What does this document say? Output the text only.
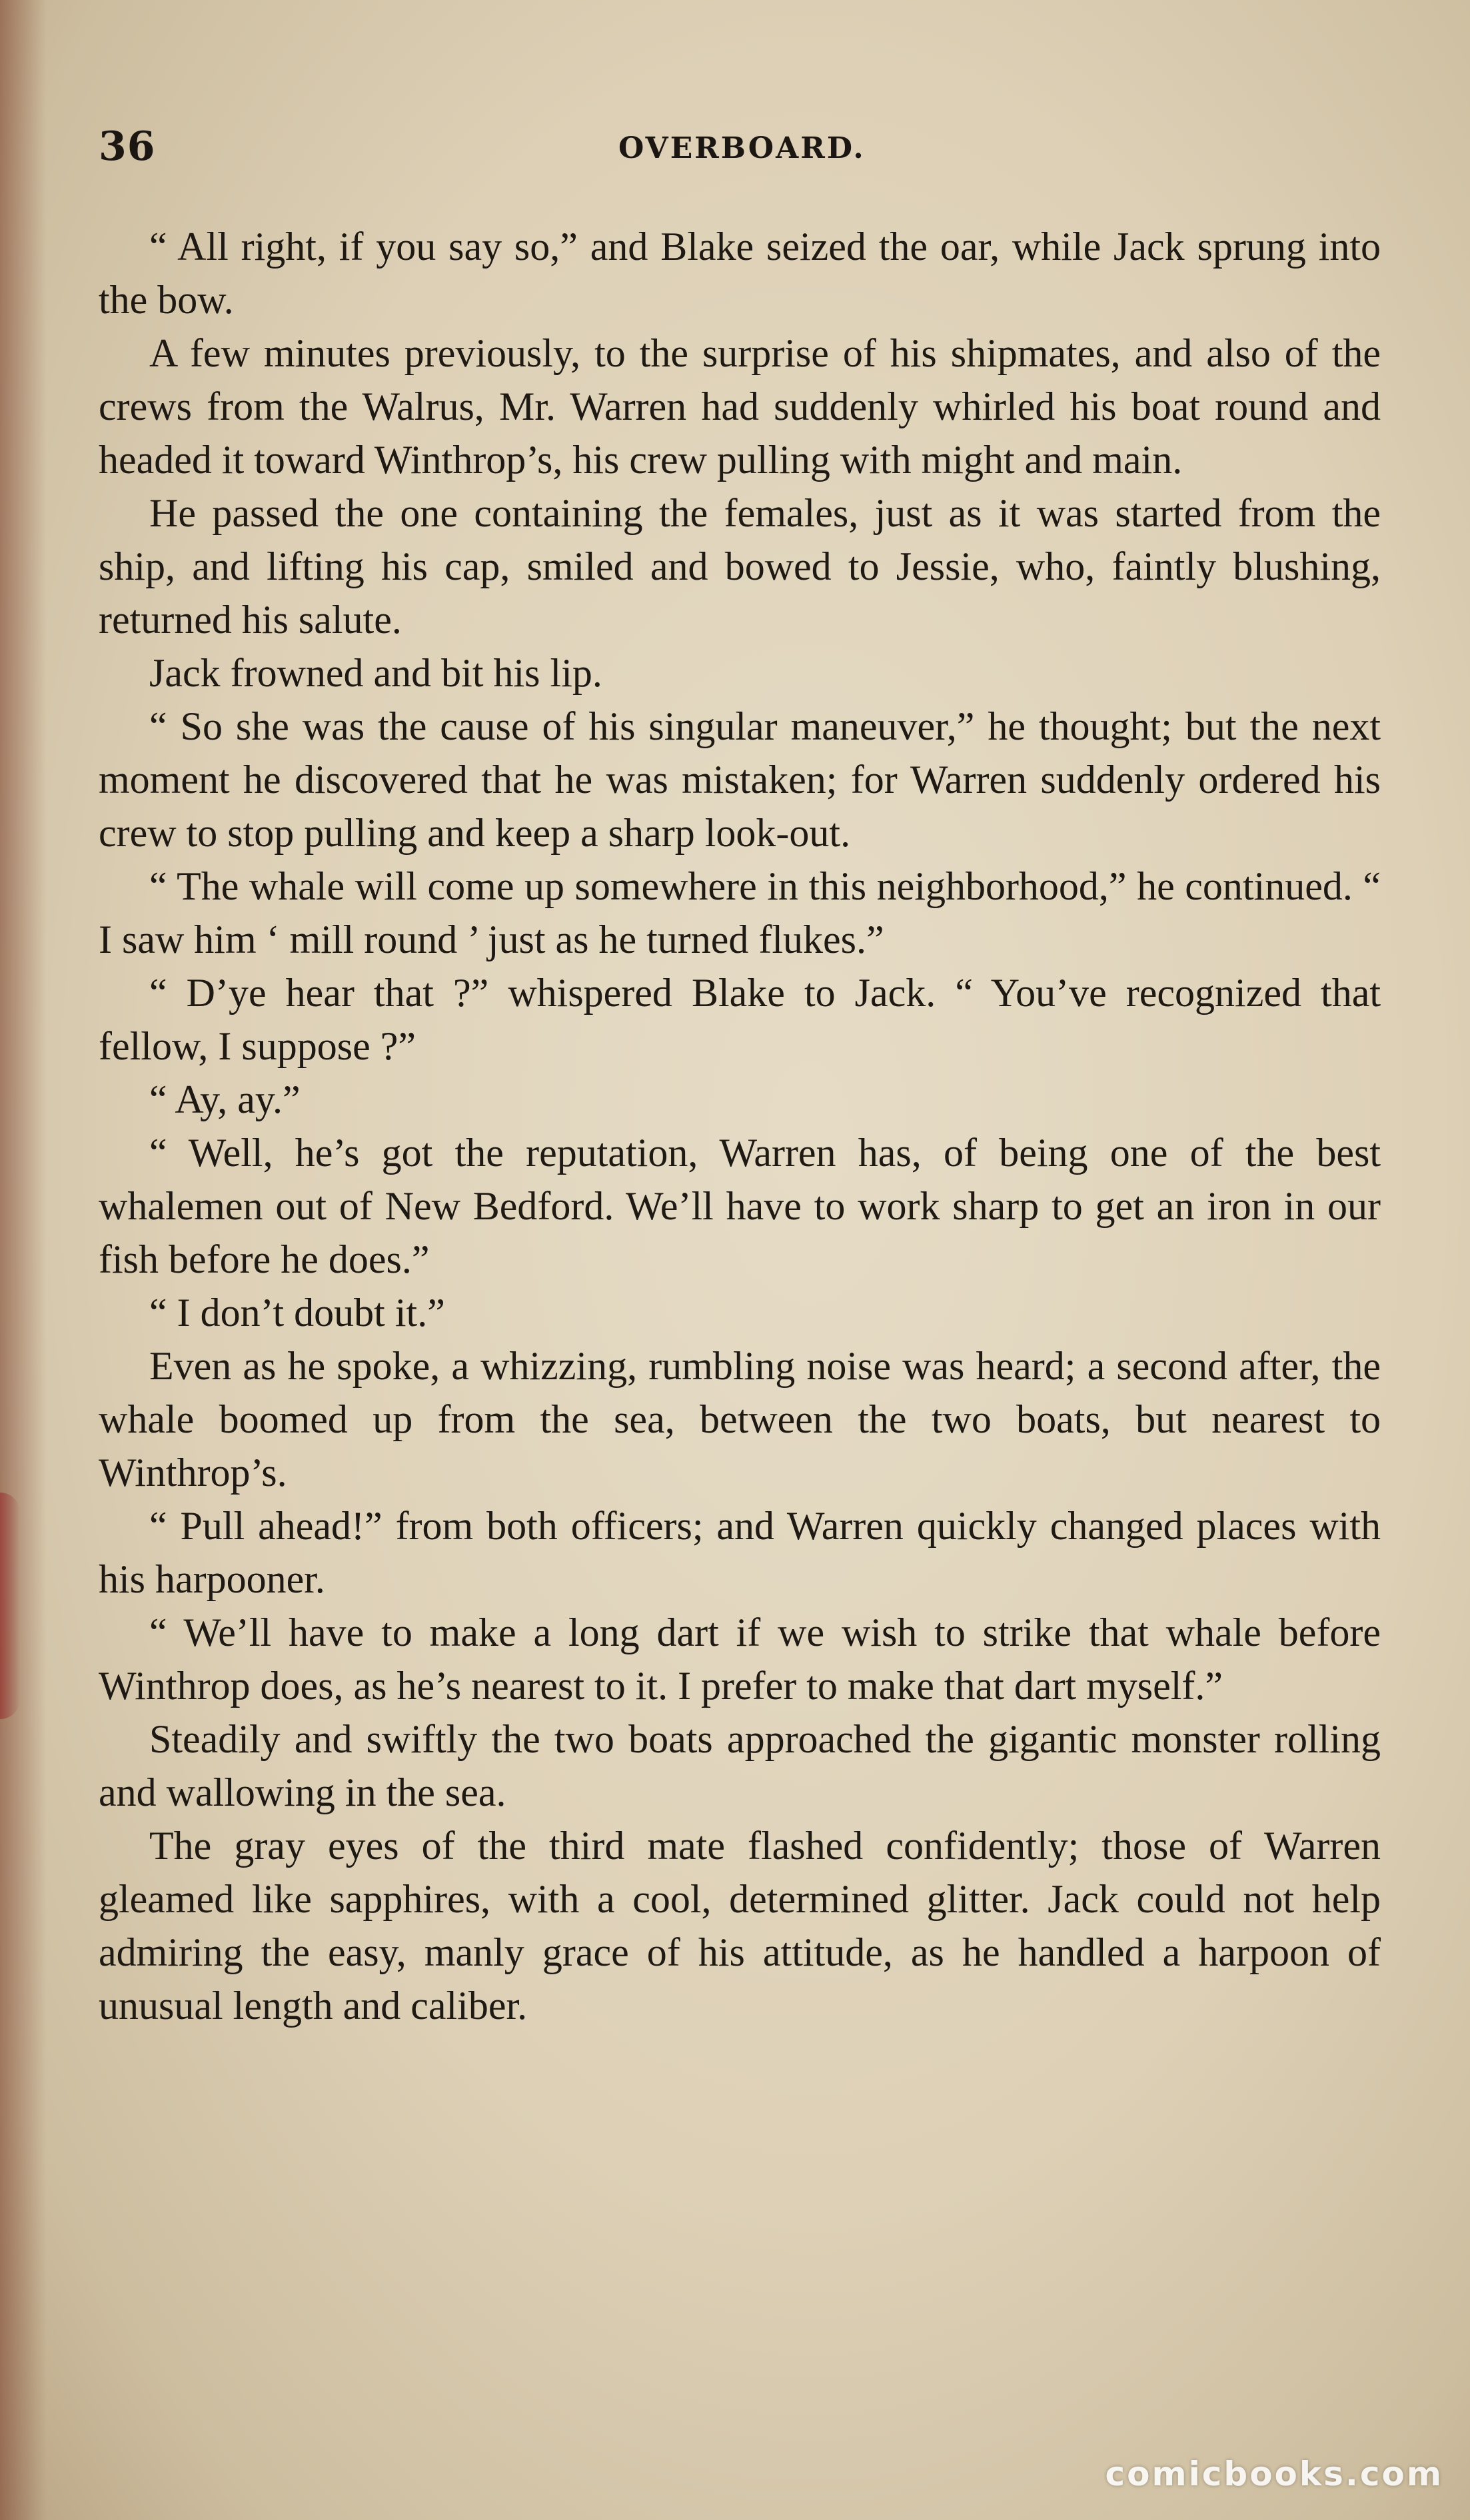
36	OVERBOARD.

“ All right, if you say so,” and Blake seized the oar, while Jack sprung into the bow.

A few minutes previously, to the surprise of his shipmates, and also of the crews from the Walrus, Mr. Warren had suddenly whirled his boat round and headed it toward Winthrop’s, his crew pulling with might and main.

He passed the one containing the females, just as it was started from the ship, and lifting his cap, smiled and bowed to Jessie, who, faintly blushing, returned his salute.

Jack frowned and bit his lip.

“ So she was the cause of his singular maneuver,” he thought; but the next moment he discovered that he was mistaken; for Warren suddenly ordered his crew to stop pulling and keep a sharp look-out.

“ The whale will come up somewhere in this neighborhood,” he continued. “ I saw him ‘ mill round ’ just as he turned flukes.”

“ D’ye hear that ?” whispered Blake to Jack. “ You’ve recognized that fellow, I suppose ?”

“ Ay, ay.”

“ Well, he’s got the reputation, Warren has, of being one of the best whalemen out of New Bedford. We’ll have to work sharp to get an iron in our fish before he does.”

“ I don’t doubt it.”

Even as he spoke, a whizzing, rumbling noise was heard; a second after, the whale boomed up from the sea, between the two boats, but nearest to Winthrop’s.

“ Pull ahead!” from both officers; and Warren quickly changed places with his harpooner.

“ We’ll have to make a long dart if we wish to strike that whale before Winthrop does, as he’s nearest to it. I prefer to make that dart myself.”

Steadily and swiftly the two boats approached the gigantic monster rolling and wallowing in the sea.

The gray eyes of the third mate flashed confidently; those of Warren gleamed like sapphires, with a cool, determined glitter. Jack could not help admiring the easy, manly grace of his attitude, as he handled a harpoon of unusual length and caliber.

comicbooks.com
